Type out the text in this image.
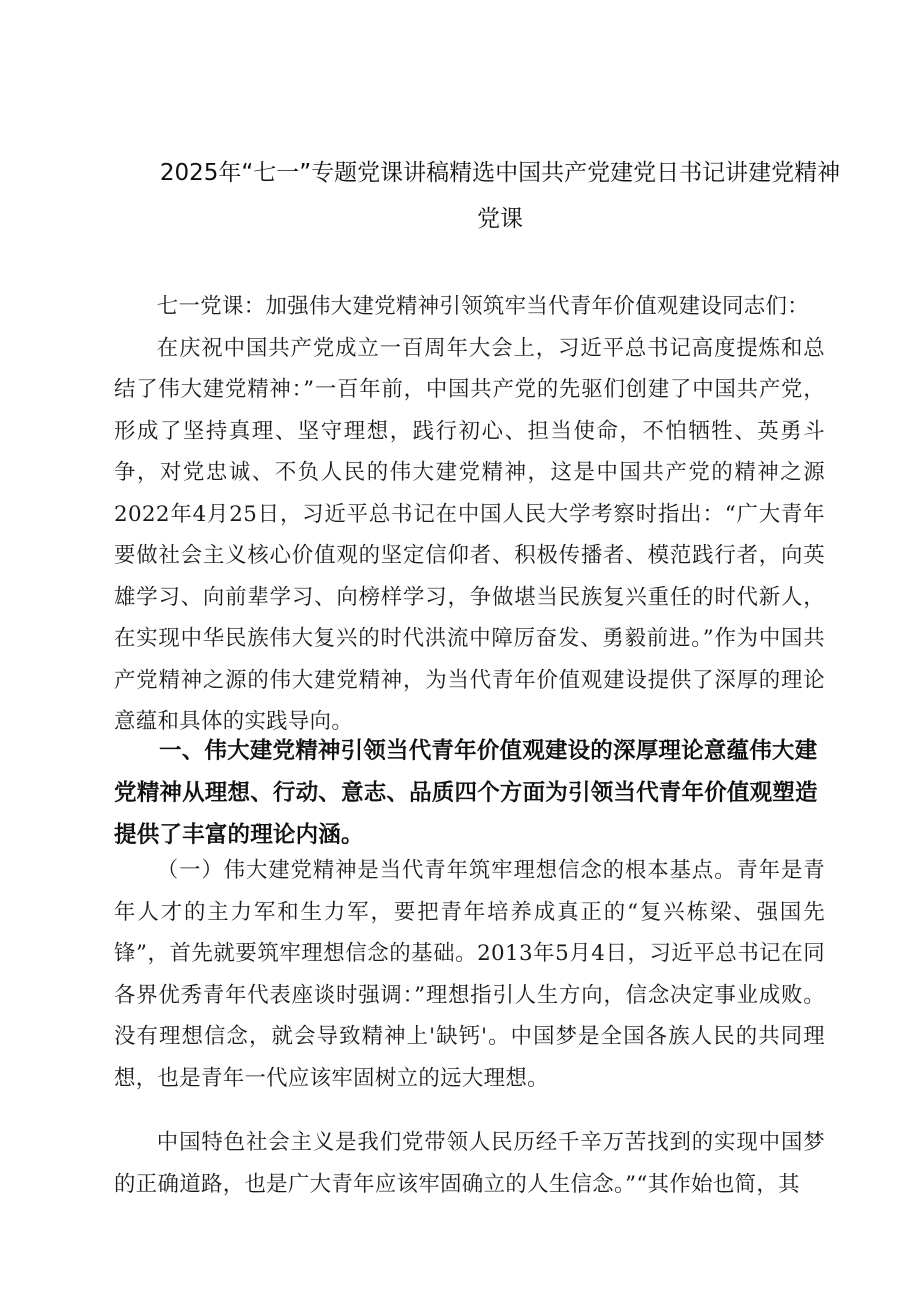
2025年“七一”专题党课讲稿精选中国共产党建党日书记讲建党精神党课

七一党课：加强伟大建党精神引领筑牢当代青年价值观建设同志们：

在庆祝中国共产党成立一百周年大会上，习近平总书记高度提炼和总结了伟大建党精神：”一百年前，中国共产党的先驱们创建了中国共产党，形成了坚持真理、坚守理想，践行初心、担当使命，不怕牺牲、英勇斗争，对党忠诚、不负人民的伟大建党精神，这是中国共产党的精神之源2022年4月25日，习近平总书记在中国人民大学考察时指出：“广大青年要做社会主义核心价值观的坚定信仰者、积极传播者、模范践行者，向英雄学习、向前辈学习、向榜样学习，争做堪当民族复兴重任的时代新人，在实现中华民族伟大复兴的时代洪流中障厉奋发、勇毅前进。”作为中国共产党精神之源的伟大建党精神，为当代青年价值观建设提供了深厚的理论意蕴和具体的实践导向。

一、伟大建党精神引领当代青年价值观建设的深厚理论意蕴伟大建党精神从理想、行动、意志、品质四个方面为引领当代青年价值观塑造提供了丰富的理论内涵。

（一）伟大建党精神是当代青年筑牢理想信念的根本基点。青年是青年人才的主力军和生力军，要把青年培养成真正的“复兴栋梁、强国先锋”，首先就要筑牢理想信念的基础。2013年5月4日，习近平总书记在同各界优秀青年代表座谈时强调：”理想指引人生方向，信念决定事业成败。没有理想信念，就会导致精神上'缺钙'。中国梦是全国各族人民的共同理想，也是青年一代应该牢固树立的远大理想。

中国特色社会主义是我们党带领人民历经千辛万苦找到的实现中国梦的正确道路，也是广大青年应该牢固确立的人生信念。”“其作始也简，其
